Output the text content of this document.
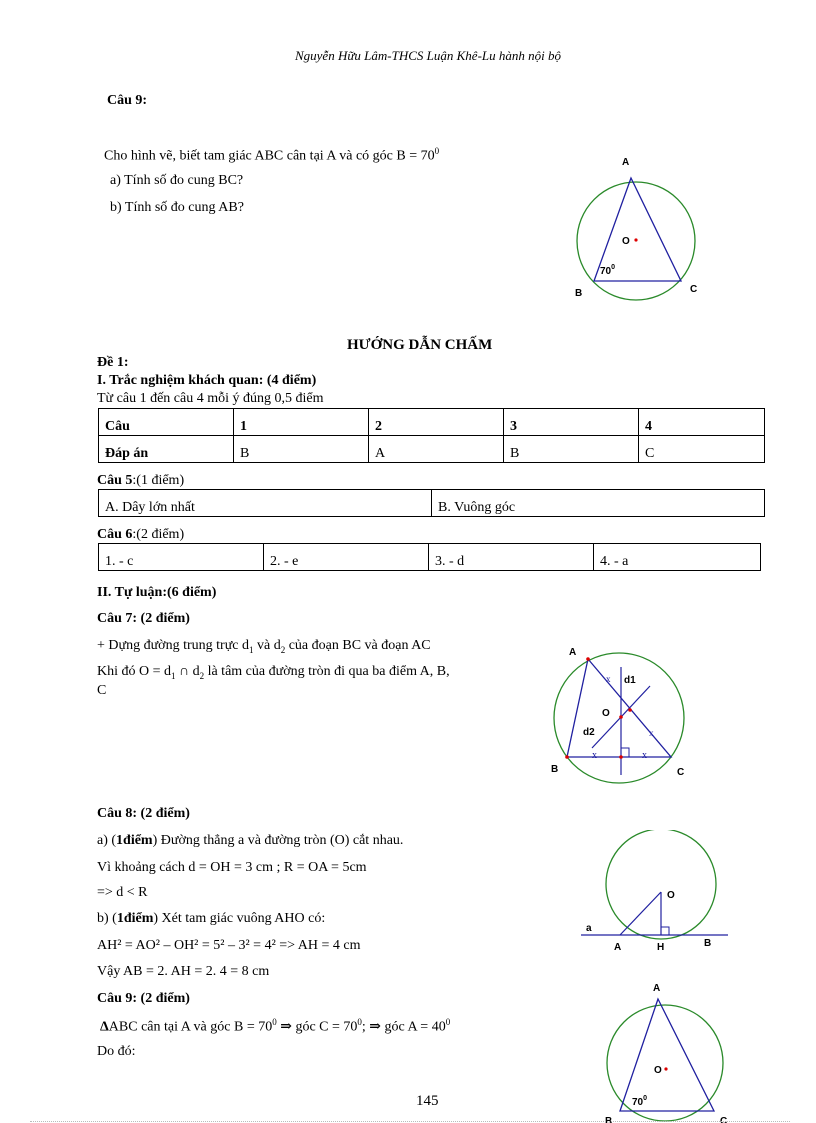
Nguyễn Hữu Lâm-THCS Luận Khê-Lu hành nội bộ
Câu 9:
Cho hình vẽ, biết tam giác ABC cân tại A và có góc $B = 70^0$
a) Tính số đo cung BC?
b) Tính số đo cung AB?
A
B	C
O
$70^0$
HƯỚNG DẪN CHẤM
Đề 1:
I. Trắc nghiệm khách quan: (4 điểm)
Từ câu 1 đến câu 4 mỗi ý đúng 0,5 điểm
Câu	1	2	3	4
Đáp án	B	A	B	C
Câu 5:(1 điểm)
A. Dây lớn nhất	B. Vuông góc
Câu 6:(2 điểm)
1. - c	2. - e	3. - d	4. - a
II. Tự luận:(6 điểm)
Câu 7: (2 điểm)
+ Dựng đường trung trực $d_1$ và $d_2$ của đoạn BC và đoạn AC
Khi đó $O = d_1$ ∩ $d_2$ là tâm của đường tròn đi qua ba điểm A, B,
C
x	x
x
x
A
B	C
O
d1
d2
Câu 8: (2 điểm)
a) (1điểm) Đường thẳng a và đường tròn (O) cắt nhau.
Vì khoảng cách d = OH = 3 cm ; R = OA = 5cm
=> d < R
b) (1điểm) Xét tam giác vuông AHO có:
AH² = AO² – OH² = 5² – 3² = 4² => AH = 4 cm
Vậy AB = 2. AH = 2. 4 = 8 cm
O
a
A	H	B
Câu 9: (2 điểm)
ΔABC cân tại A và góc $B = 70^0$ ⇒ góc $C = 70^0$; ⇒ góc $A = 40^0$
Do đó:
A
O
B	C
$70^0$
145
